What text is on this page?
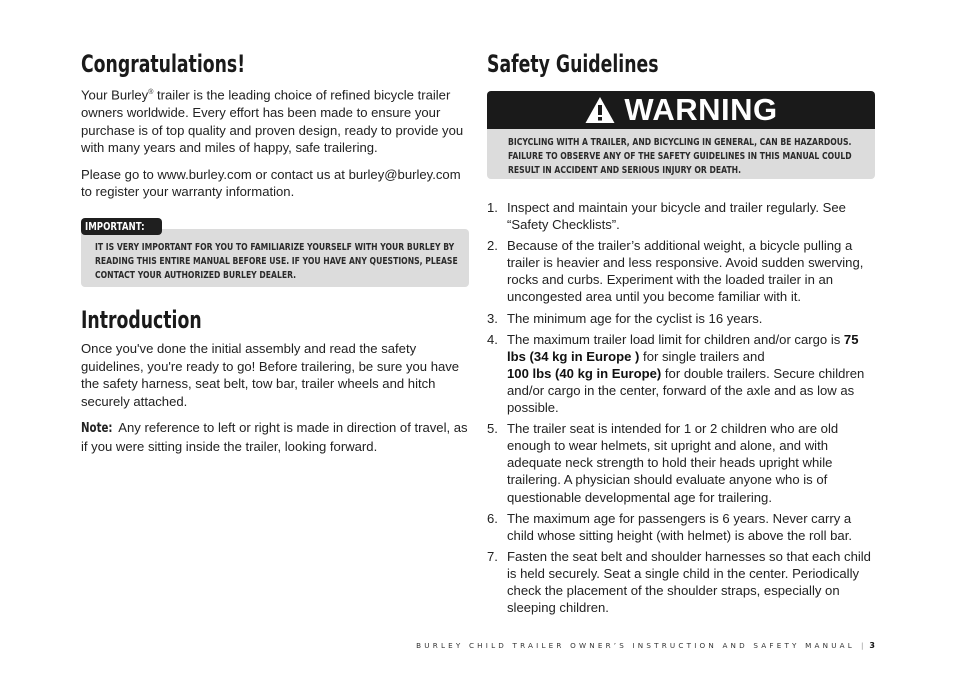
Congratulations!

Your Burley® trailer is the leading choice of refined bicycle trailer owners worldwide. Every effort has been made to ensure your purchase is of top quality and proven design, ready to provide you with many years and miles of happy, safe trailering.

Please go to www.burley.com or contact us at burley@burley.com to register your warranty information.

IMPORTANT:
IT IS VERY IMPORTANT FOR YOU TO FAMILIARIZE YOURSELF WITH YOUR BURLEY BY
READING THIS ENTIRE MANUAL BEFORE USE. IF YOU HAVE ANY QUESTIONS, PLEASE
CONTACT YOUR AUTHORIZED BURLEY DEALER.
Introduction

Once you've done the initial assembly and read the safety guidelines, you're ready to go! Before trailering, be sure you have the safety harness, seat belt, tow bar, trailer wheels and hitch securely attached.

Note: Any reference to left or right is made in direction of travel, as if you were sitting inside the trailer, looking forward.

Safety Guidelines
WARNING
BICYCLING WITH A TRAILER, AND BICYCLING IN GENERAL, CAN BE HAZARDOUS.
FAILURE TO OBSERVE ANY OF THE SAFETY GUIDELINES IN THIS MANUAL COULD
RESULT IN ACCIDENT AND SERIOUS INJURY OR DEATH.
1. Inspect and maintain your bicycle and trailer regularly. See “Safety Checklists”.
2. Because of the trailer’s additional weight, a bicycle pulling a trailer is heavier and less responsive. Avoid sudden swerving, rocks and curbs. Experiment with the loaded trailer in an uncongested area until you become familiar with it.
3. The minimum age for the cyclist is 16 years.
4. The maximum trailer load limit for children and/or cargo is 75 lbs (34 kg in Europe ) for single trailers and
100 lbs (40 kg in Europe) for double trailers. Secure children and/or cargo in the center, forward of the axle and as low as possible.
5. The trailer seat is intended for 1 or 2 children who are old enough to wear helmets, sit upright and alone, and with adequate neck strength to hold their heads upright while trailering. A physician should evaluate anyone who is of questionable developmental age for trailering.
6. The maximum age for passengers is 6 years. Never carry a child whose sitting height (with helmet) is above the roll bar.
7. Fasten the seat belt and shoulder harnesses so that each child is held securely. Seat a single child in the center. Periodically check the placement of the shoulder straps, especially on sleeping children.
BURLEY CHILD TRAILER OWNER’S INSTRUCTION AND SAFETY MANUAL | 3
